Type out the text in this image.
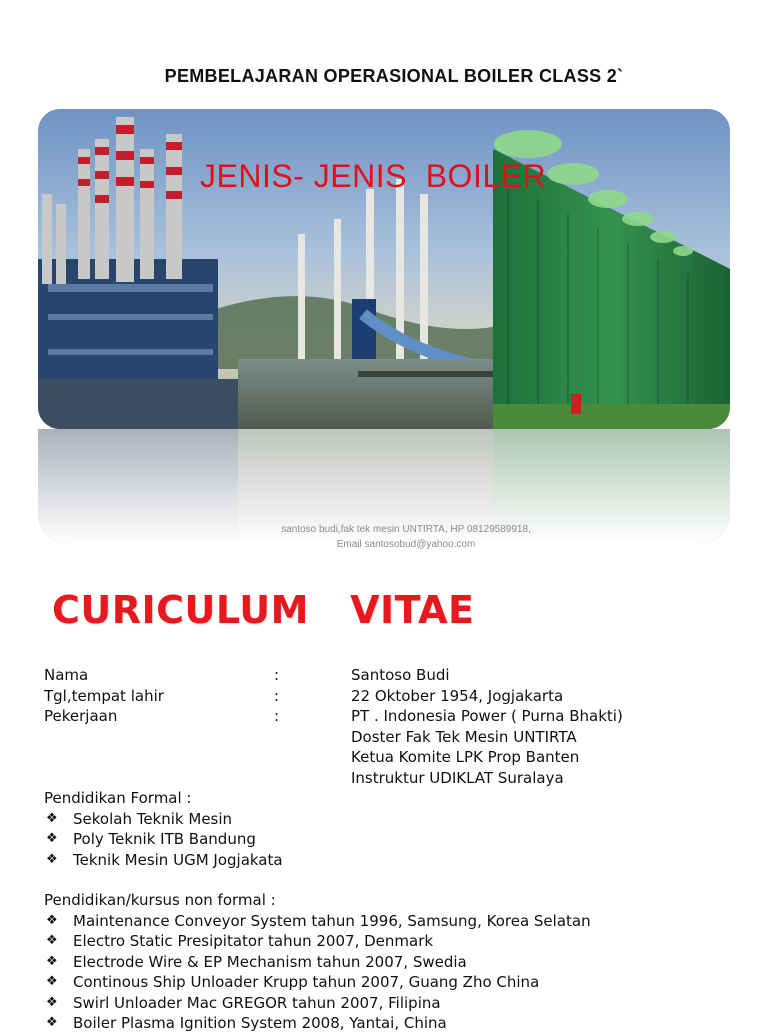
PEMBELAJARAN OPERASIONAL BOILER CLASS 2`
JENIS- JENIS  BOILER
santoso budi,fak tek mesin UNTIRTA, HP 08129589918,
Email santosobud@yahoo.com
CURICULUM   VITAE
Nama	:	Santoso Budi
Tgl,tempat lahir	:	22 Oktober 1954, Jogjakarta
Pekerjaan	:	PT . Indonesia Power ( Purna Bhakti)
Doster Fak Tek Mesin UNTIRTA
Ketua Komite LPK Prop Banten
Instruktur UDIKLAT Suralaya
Pendidikan Formal :
❖ Sekolah Teknik Mesin
❖ Poly Teknik ITB Bandung
❖ Teknik Mesin UGM Jogjakata
Pendidikan/kursus non formal :
❖ Maintenance Conveyor System tahun 1996, Samsung, Korea Selatan
❖ Electro Static Presipitator tahun 2007, Denmark
❖ Electrode Wire & EP Mechanism tahun 2007, Swedia
❖ Continous Ship Unloader Krupp tahun 2007, Guang Zho China
❖ Swirl Unloader Mac GREGOR tahun 2007, Filipina
❖ Boiler Plasma Ignition System 2008, Yantai, China
